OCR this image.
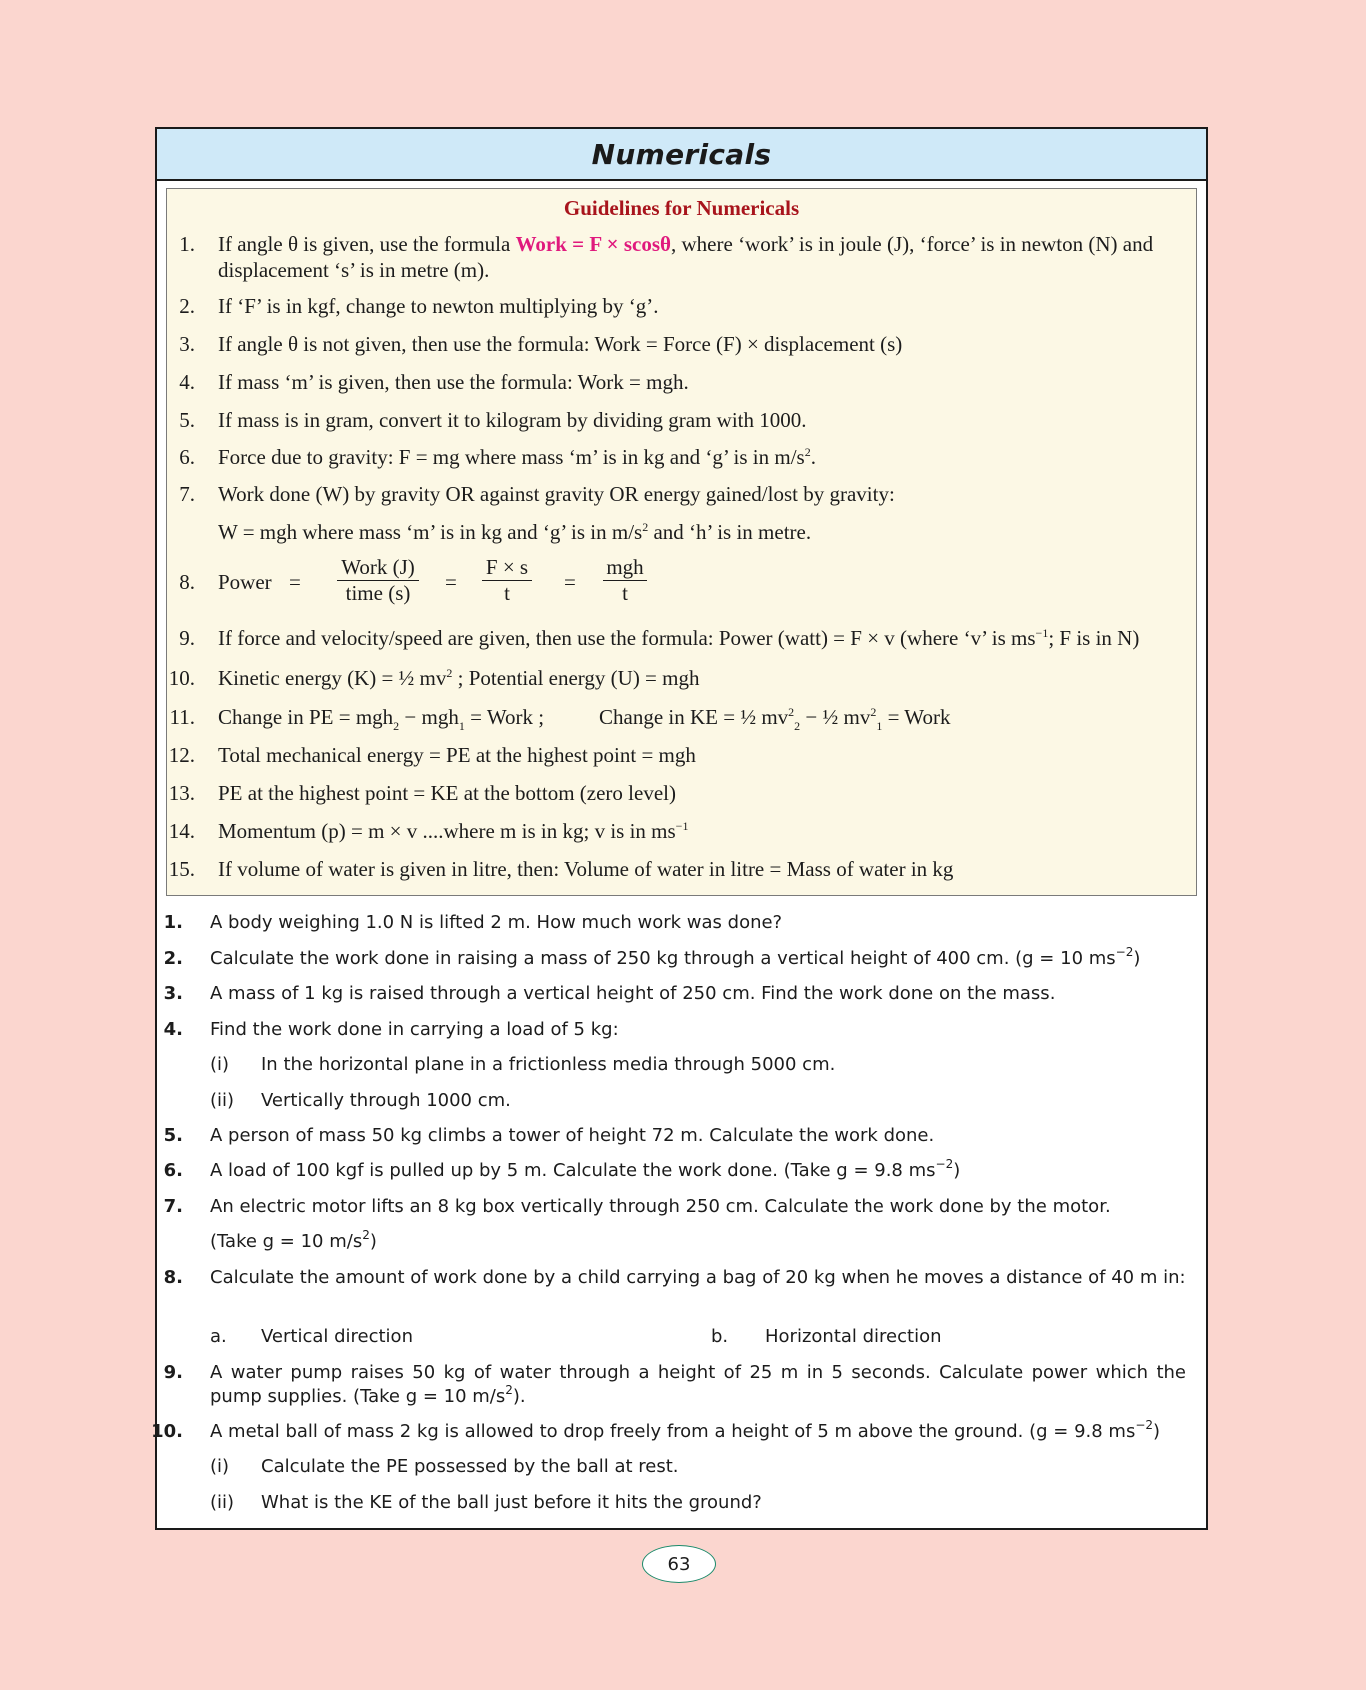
Numericals
Guidelines for Numericals
1. If angle θ is given, use the formula Work = F × scosθ, where ‘work’ is in joule (J), ‘force’ is in newton (N) and displacement ‘s’ is in metre (m).
2. If ‘F’ is in kgf, change to newton multiplying by ‘g’.
3. If angle θ is not given, then use the formula: Work = Force (F) × displacement (s)
4. If mass ‘m’ is given, then use the formula: Work = mgh.
5. If mass is in gram, convert it to kilogram by dividing gram with 1000.
6. Force due to gravity: F = mg where mass ‘m’ is in kg and ‘g’ is in $m/s^2$.
7. Work done (W) by gravity OR against gravity OR energy gained/lost by gravity:
W = mgh where mass ‘m’ is in kg and ‘g’ is in $m/s^2$ and ‘h’ is in metre.
8. Power =
Work (J)
time (s)	= $\frac{F \times s}{t}$ =
mgh
t
9. If force and velocity/speed are given, then use the formula: Power (watt) = F × v (where ‘v’ is $ms^{-1}$; F is in N)
10. Kinetic energy (K) = ½ $mv^2$ ; Potential energy (U) = mgh
11. Change in PE = mgh$_2$ − mgh$_1$ = Work ;	Change in KE = ½ $mv^2_2$ − ½ $mv^2_1$ = Work
12. Total mechanical energy = PE at the highest point = mgh
13. PE at the highest point = KE at the bottom (zero level)
14. Momentum (p) = m × v ....where m is in kg; v is in $ms^{-1}$
15. If volume of water is given in litre, then: Volume of water in litre = Mass of water in kg
1. A body weighing 1.0 N is lifted 2 m. How much work was done?
2. Calculate the work done in raising a mass of 250 kg through a vertical height of 400 cm. (g = 10 $ms^{-2}$)
3. A mass of 1 kg is raised through a vertical height of 250 cm. Find the work done on the mass.
4. Find the work done in carrying a load of 5 kg:
(i) In the horizontal plane in a frictionless media through 5000 cm.
(ii) Vertically through 1000 cm.
5. A person of mass 50 kg climbs a tower of height 72 m. Calculate the work done.
6. A load of 100 kgf is pulled up by 5 m. Calculate the work done. (Take g = 9.8 $ms^{-2}$)
7. An electric motor lifts an 8 kg box vertically through 250 cm. Calculate the work done by the motor.
(Take g = 10 $m/s^2$)
8. Calculate the amount of work done by a child carrying a bag of 20 kg when he moves a distance of 40 m in:
a. Vertical direction	b. Horizontal direction
9. A water pump raises 50 kg of water through a height of 25 m in 5 seconds. Calculate power which the pump supplies. (Take g = 10 $m/s^2$).
10. A metal ball of mass 2 kg is allowed to drop freely from a height of 5 m above the ground. (g = 9.8 $ms^{-2}$)
(i) Calculate the PE possessed by the ball at rest.
(ii) What is the KE of the ball just before it hits the ground?
63
